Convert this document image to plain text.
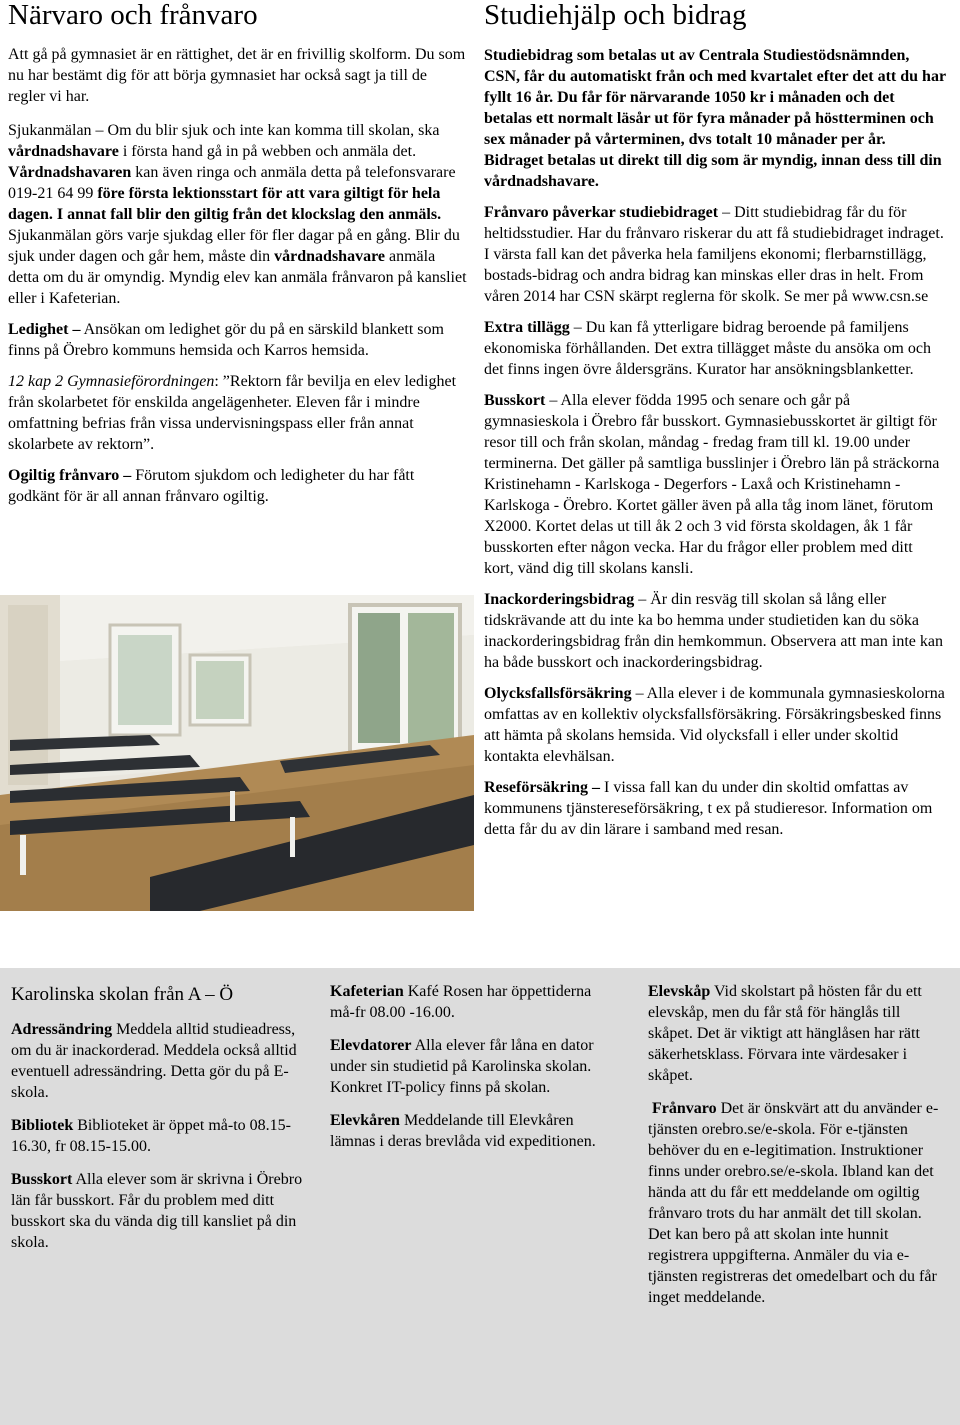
Närvaro och frånvaro

Att gå på gymnasiet är en rättighet, det är en frivillig skolform. Du som nu har bestämt dig för att börja gymnasiet har också sagt ja till de regler vi har.

Sjukanmälan – Om du blir sjuk och inte kan komma till skolan, ska vårdnadshavare i första hand gå in på webben och anmäla det. Vårdnadshavaren kan även ringa och anmäla detta på telefonsvarare 019-21 64 99 före första lektionsstart för att vara giltigt för hela dagen. I annat fall blir den giltig från det klockslag den anmäls. Sjukanmälan görs varje sjukdag eller för fler dagar på en gång. Blir du sjuk under dagen och går hem, måste din vårdnadshavare anmäla detta om du är omyndig. Myndig elev kan anmäla frånvaron på kansliet eller i Kafeterian.

Ledighet – Ansökan om ledighet gör du på en särskild blankett som finns på Örebro kommuns hemsida och Karros hemsida.

12 kap 2 Gymnasieförordningen: ”Rektorn får bevilja en elev ledighet från skolarbetet för enskilda angelägenheter. Eleven får i mindre omfattning befrias från vissa undervisningspass eller från annat skolarbete av rektorn”.

Ogiltig frånvaro – Förutom sjukdom och ledigheter du har fått godkänt för är all annan frånvaro ogiltig.

Studiehjälp och bidrag

Studiebidrag som betalas ut av Centrala Studiestödsnämnden, CSN, får du automatiskt från och med kvartalet efter det att du har fyllt 16 år. Du får för närvarande 1050 kr i månaden och det betalas ett normalt läsår ut för fyra månader på höstterminen och sex månader på vårterminen, dvs totalt 10 månader per år. Bidraget betalas ut direkt till dig som är myndig, innan dess till din vårdnadshavare.

Frånvaro påverkar studiebidraget – Ditt studiebidrag får du för heltidsstudier. Har du frånvaro riskerar du att få studiebidraget indraget. I värsta fall kan det påverka hela familjens ekonomi; flerbarnstillägg, bostads-bidrag och andra bidrag kan minskas eller dras in helt. From våren 2014 har CSN skärpt reglerna för skolk. Se mer på www.csn.se

Extra tillägg – Du kan få ytterligare bidrag beroende på familjens ekonomiska förhållanden. Det extra tillägget måste du ansöka om och det finns ingen övre åldersgräns. Kurator har ansökningsblanketter.

Busskort – Alla elever födda 1995 och senare och går på gymnasieskola i Örebro får busskort. Gymnasiebusskortet är giltigt för resor till och från skolan, måndag - fredag fram till kl. 19.00 under terminerna. Det gäller på samtliga busslinjer i Örebro län på sträckorna Kristinehamn - Karlskoga - Degerfors - Laxå och Kristinehamn - Karlskoga - Örebro. Kortet gäller även på alla tåg inom länet, förutom X2000. Kortet delas ut till åk 2 och 3 vid första skoldagen, åk 1 får busskorten efter någon vecka. Har du frågor eller problem med ditt kort, vänd dig till skolans kansli.

Inackorderingsbidrag – Är din resväg till skolan så lång eller tidskrävande att du inte ka bo hemma under studietiden kan du söka inackorderingsbidrag från din hemkommun. Observera att man inte kan ha både busskort och inackorderingsbidrag.

Olycksfallsförsäkring – Alla elever i de kommunala gymnasieskolorna omfattas av en kollektiv olycksfallsförsäkring. Försäkringsbesked finns att hämta på skolans hemsida. Vid olycksfall i eller under skoltid kontakta elevhälsan.

Reseförsäkring – I vissa fall kan du under din skoltid omfattas av kommunens tjänstereseförsäkring, t ex på studieresor. Information om detta får du av din lärare i samband med resan.

Karolinska skolan från A – Ö

Adressändring Meddela alltid studieadress, om du är inackorderad. Meddela också alltid eventuell adressändring. Detta gör du på E-skola.

Bibliotek Biblioteket är öppet må-to 08.15-16.30, fr 08.15-15.00.

Busskort Alla elever som är skrivna i Örebro län får busskort. Får du problem med ditt busskort ska du vända dig till kansliet på din skola.

Kafeterian Kafé Rosen har öppettiderna må-fr 08.00 -16.00.

Elevdatorer Alla elever får låna en dator under sin studietid på Karolinska skolan. Konkret IT-policy finns på skolan.

Elevkåren Meddelande till Elevkåren lämnas i deras brevlåda vid expeditionen.

Elevskåp Vid skolstart på hösten får du ett elevskåp, men du får stå för hänglås till skåpet. Det är viktigt att hänglåsen har rätt säkerhetsklass. Förvara inte värdesaker i skåpet.

Frånvaro Det är önskvärt att du använder e-tjänsten orebro.se/e-skola. För e-tjänsten behöver du en e-legitimation. Instruktioner finns under orebro.se/e-skola. Ibland kan det hända att du får ett meddelande om ogiltig frånvaro trots du har anmält det till skolan. Det kan bero på att skolan inte hunnit registrera uppgifterna. Anmäler du via e-tjänsten registreras det omedelbart och du får inget meddelande.
